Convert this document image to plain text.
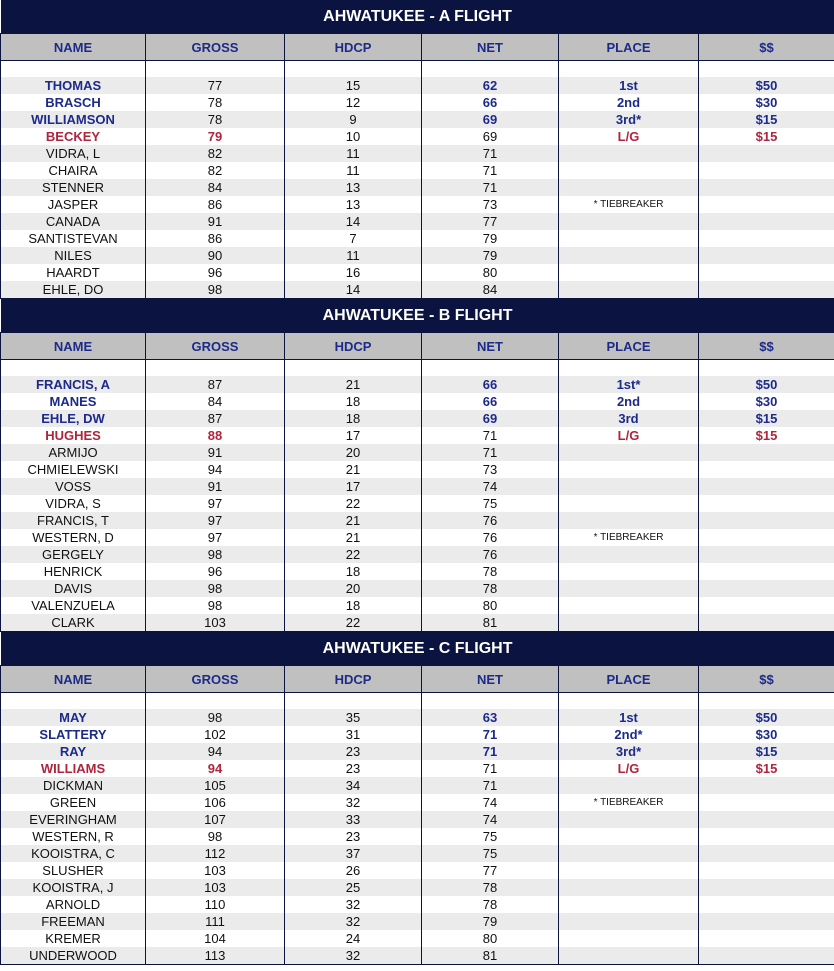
AHWATUKEE - A FLIGHT					
NAME	GROSS	HDCP	NET	PLACE	$$

THOMAS	77	15	62	1st	$50
BRASCH	78	12	66	2nd	$30
WILLIAMSON	78	9	69	3rd*	$15
BECKEY	79	10	69	L/G	$15
VIDRA, L	82	11	71		
CHAIRA	82	11	71		
STENNER	84	13	71		
JASPER	86	13	73	* TIEBREAKER	
CANADA	91	14	77		
SANTISTEVAN	86	7	79		
NILES	90	11	79		
HAARDT	96	16	80		
EHLE, DO	98	14	84		
AHWATUKEE - B FLIGHT					
NAME	GROSS	HDCP	NET	PLACE	$$

FRANCIS, A	87	21	66	1st*	$50
MANES	84	18	66	2nd	$30
EHLE, DW	87	18	69	3rd	$15
HUGHES	88	17	71	L/G	$15
ARMIJO	91	20	71		
CHMIELEWSKI	94	21	73		
VOSS	91	17	74		
VIDRA, S	97	22	75		
FRANCIS, T	97	21	76		
WESTERN, D	97	21	76	* TIEBREAKER	
GERGELY	98	22	76		
HENRICK	96	18	78		
DAVIS	98	20	78		
VALENZUELA	98	18	80		
CLARK	103	22	81		
AHWATUKEE - C FLIGHT					
NAME	GROSS	HDCP	NET	PLACE	$$

MAY	98	35	63	1st	$50
SLATTERY	102	31	71	2nd*	$30
RAY	94	23	71	3rd*	$15
WILLIAMS	94	23	71	L/G	$15
DICKMAN	105	34	71		
GREEN	106	32	74	* TIEBREAKER	
EVERINGHAM	107	33	74		
WESTERN, R	98	23	75		
KOOISTRA, C	112	37	75		
SLUSHER	103	26	77		
KOOISTRA, J	103	25	78		
ARNOLD	110	32	78		
FREEMAN	111	32	79		
KREMER	104	24	80		
UNDERWOOD	113	32	81		
